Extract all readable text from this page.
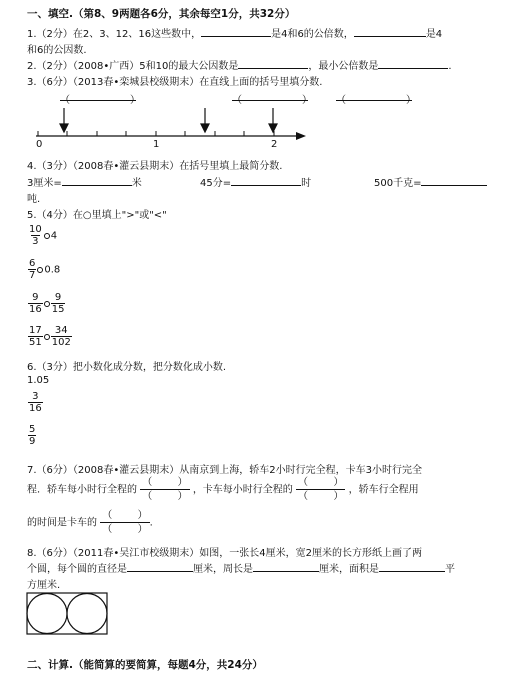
一、填空.（第8、9两题各6分，其余每空1分，共32分）
1.（2分）在2、3、12、16这些数中，	是4和6的公倍数，	是4
和6的公因数.
2.（2分）（2008•广西）5和10的最大公因数是	，最小公倍数是	.
3.（6分）（2013春•栾城县校级期末）在直线上面的括号里填分数.
（	）	（	） （	）
0	1	2
4.（3分）（2008春•灌云县期末）在括号里填上最简分数.
3厘米=	米	45分=	时	500千克=
吨.
5.（4分）在○里填上">"或"<"
$\frac{10}{3} 4$
$\frac{6}{7} 0.8$
$\frac{9}{16} \frac{9}{15}$
$\frac{17}{51} \frac{34}{102}$
6.（3分）把小数化成分数，把分数化成小数.
1.05
$\frac{3}{16}$
$\frac{5}{9}$
7.（6分）（2008春•灌云县期末）从南京到上海，轿车2小时行完全程，卡车3小时行完全
程．轿车每小时行全程的
（	）
（	）
，卡车每小时行全程的
（	）
（	）
，轿车行全程用
的时间是卡车的
（	）
（	）
.
8.（6分）（2011春•吴江市校级期末）如图，一张长4厘米，宽2厘米的长方形纸上画了两
个圆，每个圆的直径是	厘米，周长是	厘米，面积是	平
方厘米.
二、计算.（能简算的要简算，每题4分，共24分）
